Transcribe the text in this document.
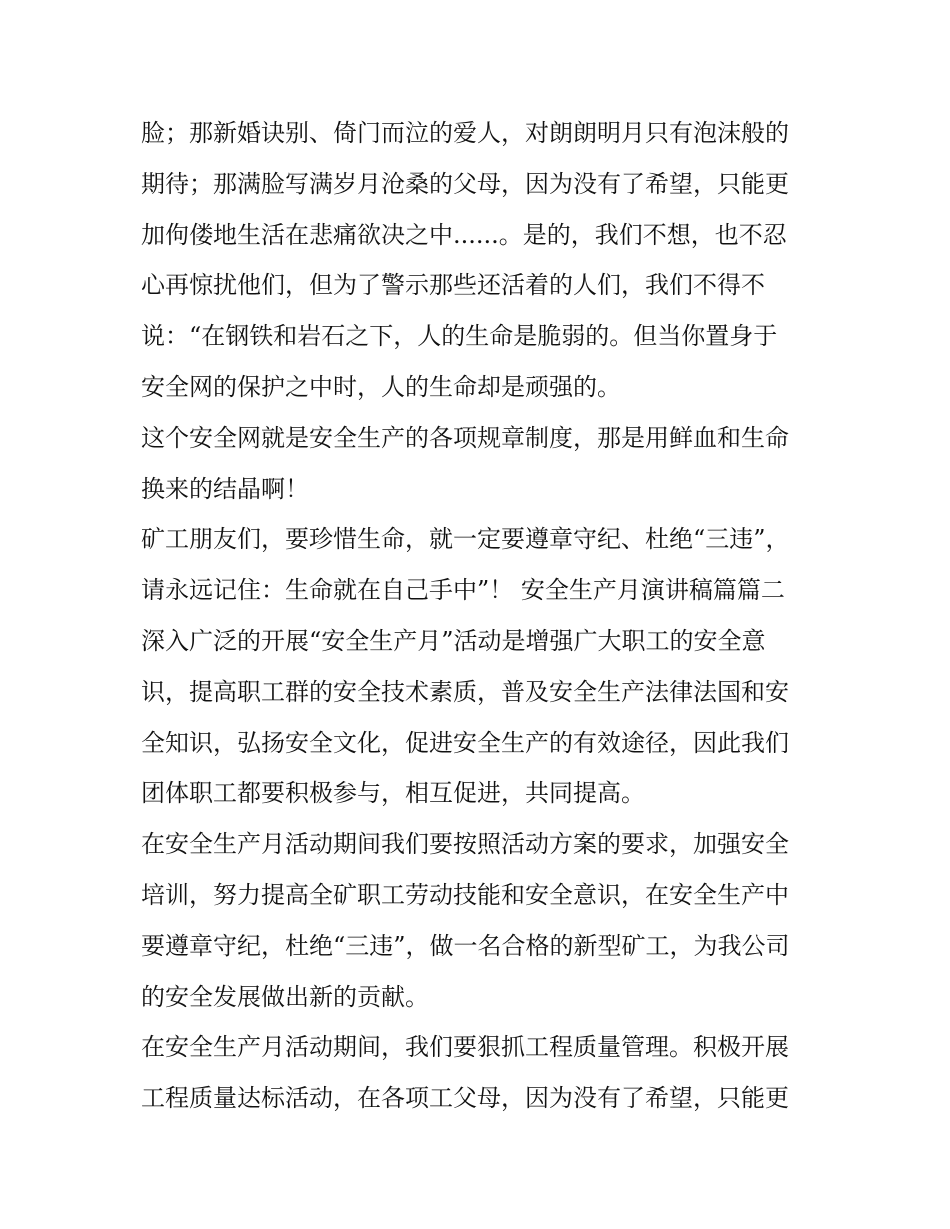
脸；那新婚诀别、倚门而泣的爱人，对朗朗明月只有泡沫般的
期待；那满脸写满岁月沧桑的父母，因为没有了希望，只能更
加佝偻地生活在悲痛欲决之中......。是的，我们不想，也不忍
心再惊扰他们，但为了警示那些还活着的人们，我们不得不
说：“在钢铁和岩石之下，人的生命是脆弱的。但当你置身于
安全网的保护之中时，人的生命却是顽强的。
这个安全网就是安全生产的各项规章制度，那是用鲜血和生命
换来的结晶啊！
矿工朋友们，要珍惜生命，就一定要遵章守纪、杜绝“三违”，
请永远记住：生命就在自己手中”！ 安全生产月演讲稿篇篇二
深入广泛的开展“安全生产月”活动是增强广大职工的安全意
识，提高职工群的安全技术素质，普及安全生产法律法国和安
全知识，弘扬安全文化，促进安全生产的有效途径，因此我们
团体职工都要积极参与，相互促进，共同提高。
在安全生产月活动期间我们要按照活动方案的要求，加强安全
培训，努力提高全矿职工劳动技能和安全意识，在安全生产中
要遵章守纪，杜绝“三违”，做一名合格的新型矿工，为我公司
的安全发展做出新的贡献。
在安全生产月活动期间，我们要狠抓工程质量管理。积极开展
工程质量达标活动，在各项工父母，因为没有了希望，只能更
